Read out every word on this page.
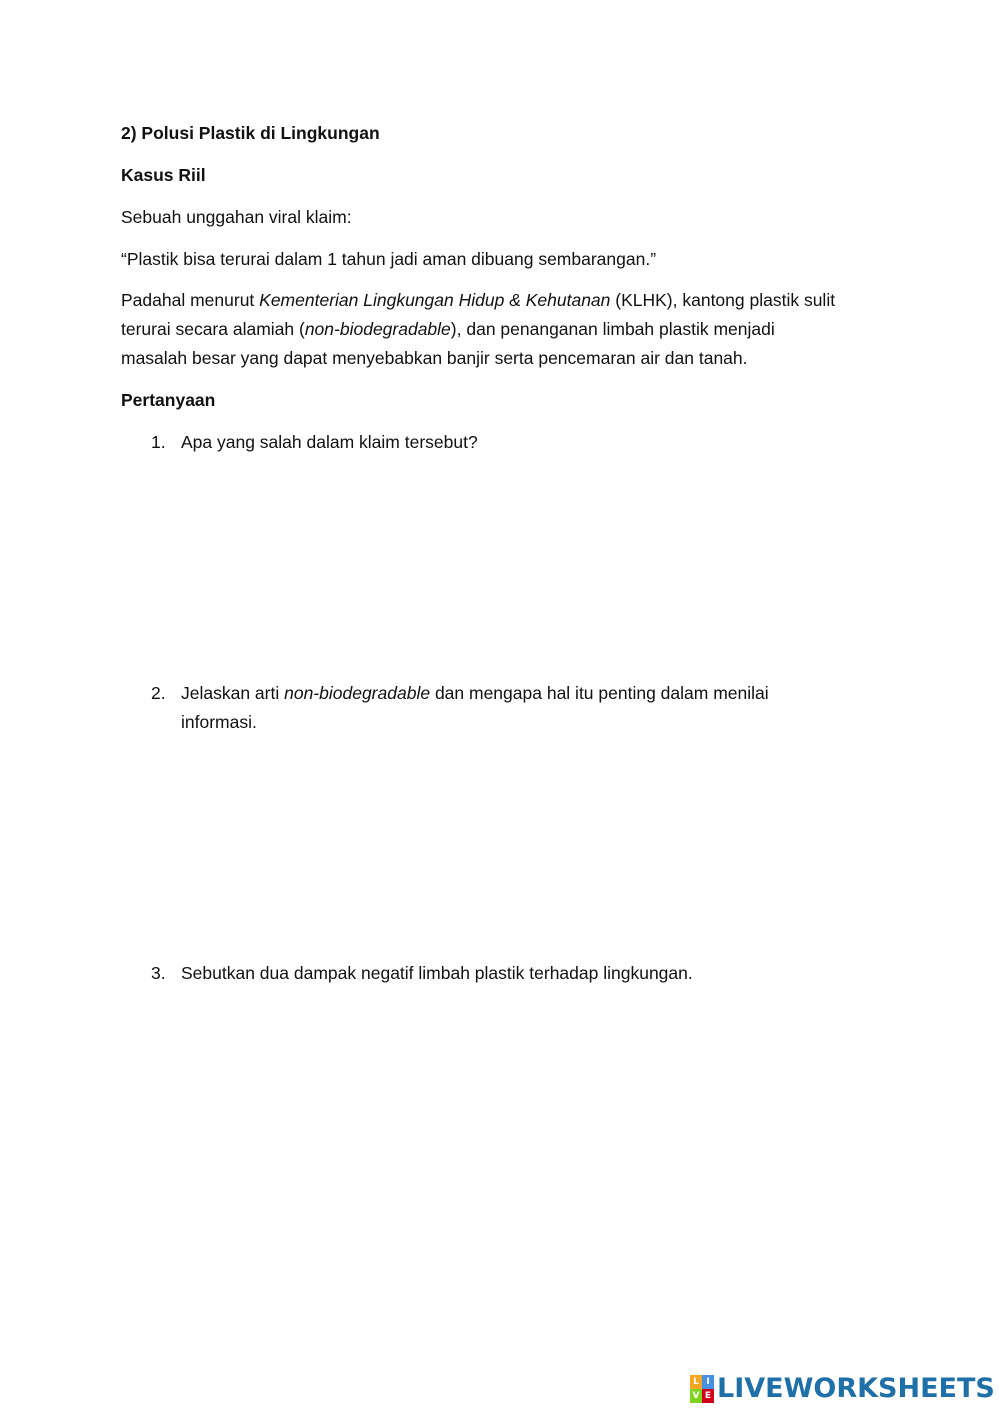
2) Polusi Plastik di Lingkungan
Kasus Riil
Sebuah unggahan viral klaim:
“Plastik bisa terurai dalam 1 tahun jadi aman dibuang sembarangan.”
Padahal menurut Kementerian Lingkungan Hidup & Kehutanan (KLHK), kantong plastik sulit
terurai secara alamiah (non-biodegradable), dan penanganan limbah plastik menjadi
masalah besar yang dapat menyebabkan banjir serta pencemaran air dan tanah.
Pertanyaan
1. Apa yang salah dalam klaim tersebut?
2. Jelaskan arti non-biodegradable dan mengapa hal itu penting dalam menilai
informasi.
3. Sebutkan dua dampak negatif limbah plastik terhadap lingkungan.
L I
V E LIVEWORKSHEETS
